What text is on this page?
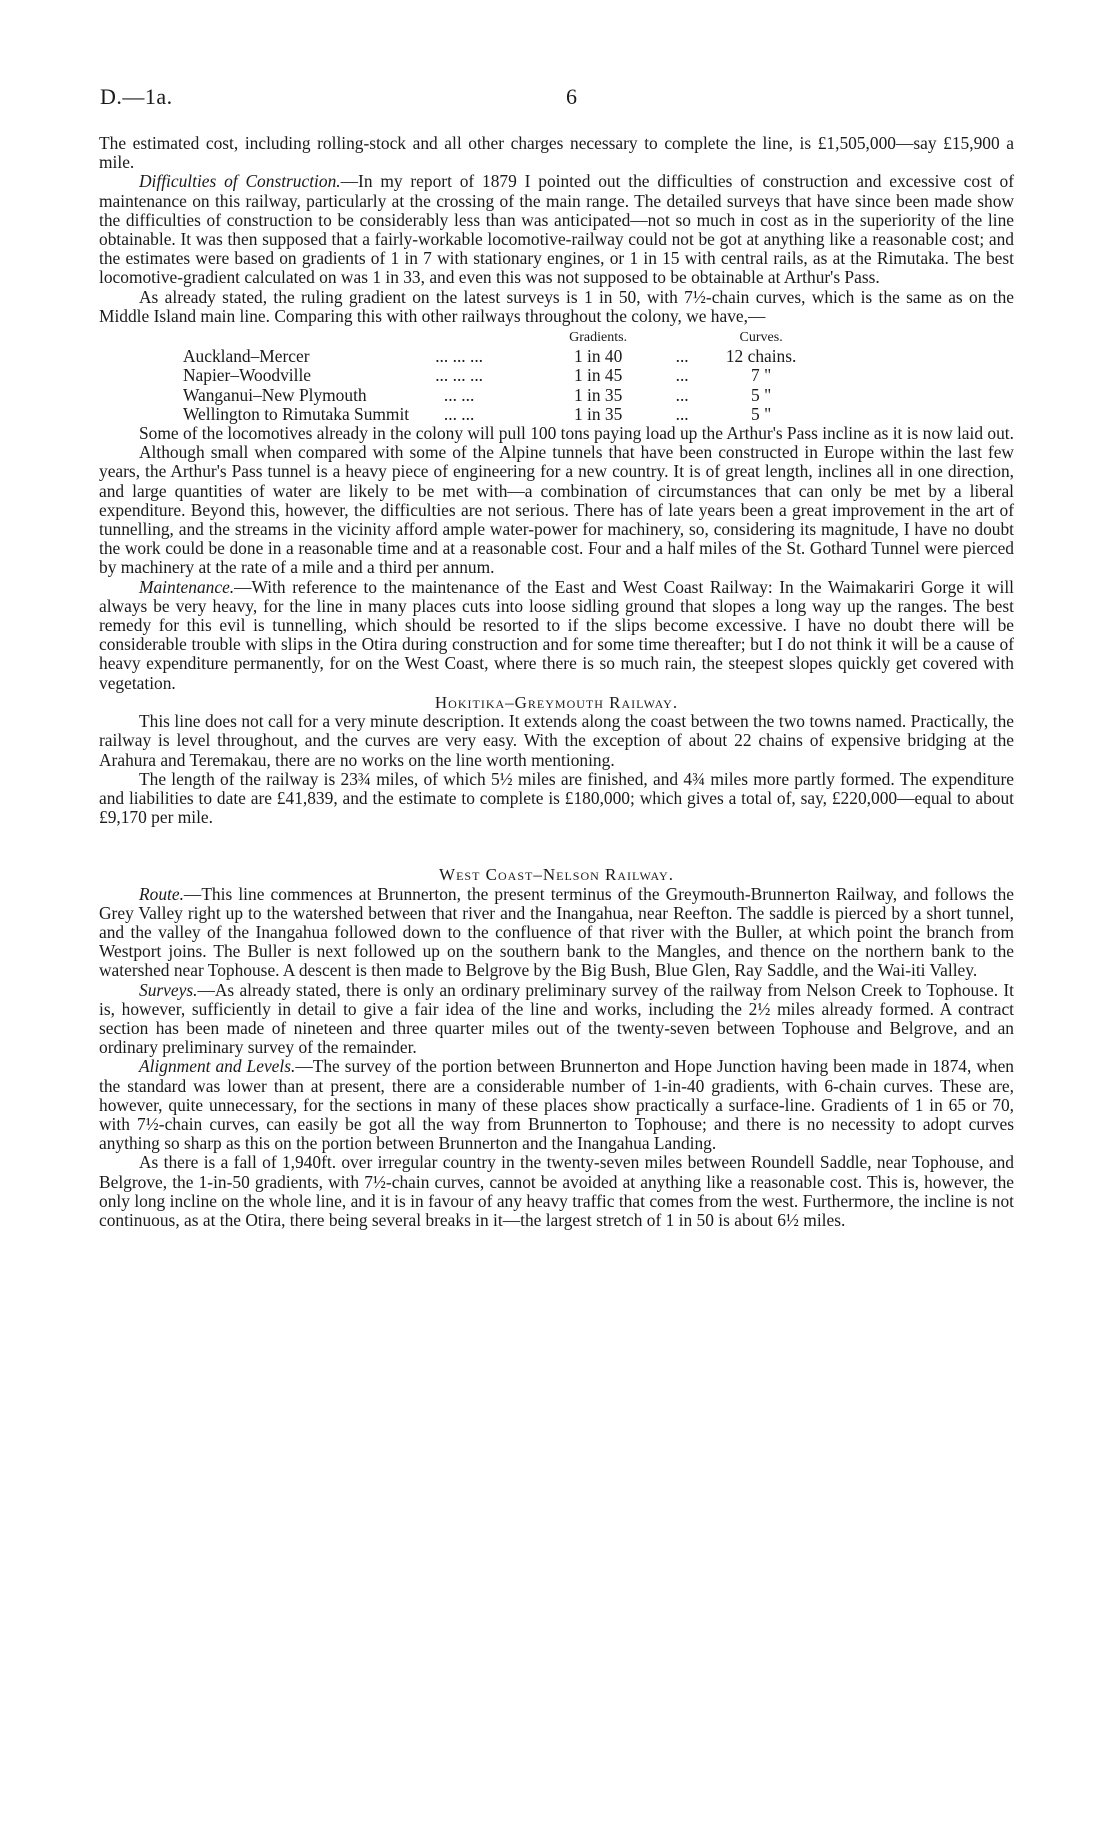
D.—1a.	6

The estimated cost, including rolling-stock and all other charges necessary to complete the line, is £1,505,000—say £15,900 a mile.

Difficulties of Construction.—In my report of 1879 I pointed out the difficulties of construction and excessive cost of maintenance on this railway, particularly at the crossing of the main range. The detailed surveys that have since been made show the difficulties of construction to be considerably less than was anticipated—not so much in cost as in the superiority of the line obtainable. It was then supposed that a fairly-workable locomotive-railway could not be got at anything like a reasonable cost; and the estimates were based on gradients of 1 in 7 with stationary engines, or 1 in 15 with central rails, as at the Rimutaka. The best locomotive-gradient calculated on was 1 in 33, and even this was not supposed to be obtainable at Arthur's Pass.

As already stated, the ruling gradient on the latest surveys is 1 in 50, with 7½-chain curves, which is the same as on the Middle Island main line. Comparing this with other railways throughout the colony, we have,—

			Gradients.		Curves.
Auckland–Mercer	... ... ...		1 in 40	...	12 chains.
Napier–Woodville	... ... ...		1 in 45	...	7 "
Wanganui–New Plymouth	... ...		1 in 35	...	5 "
Wellington to Rimutaka Summit	... ...		1 in 35	...	5 "

Some of the locomotives already in the colony will pull 100 tons paying load up the Arthur's Pass incline as it is now laid out.

Although small when compared with some of the Alpine tunnels that have been constructed in Europe within the last few years, the Arthur's Pass tunnel is a heavy piece of engineering for a new country. It is of great length, inclines all in one direction, and large quantities of water are likely to be met with—a combination of circumstances that can only be met by a liberal expenditure. Beyond this, however, the difficulties are not serious. There has of late years been a great improvement in the art of tunnelling, and the streams in the vicinity afford ample water-power for machinery, so, considering its magnitude, I have no doubt the work could be done in a reasonable time and at a reasonable cost. Four and a half miles of the St. Gothard Tunnel were pierced by machinery at the rate of a mile and a third per annum.

Maintenance.—With reference to the maintenance of the East and West Coast Railway: In the Waimakariri Gorge it will always be very heavy, for the line in many places cuts into loose sidling ground that slopes a long way up the ranges. The best remedy for this evil is tunnelling, which should be resorted to if the slips become excessive. I have no doubt there will be considerable trouble with slips in the Otira during construction and for some time thereafter; but I do not think it will be a cause of heavy expenditure permanently, for on the West Coast, where there is so much rain, the steepest slopes quickly get covered with vegetation.

Hokitika–Greymouth Railway.

This line does not call for a very minute description. It extends along the coast between the two towns named. Practically, the railway is level throughout, and the curves are very easy. With the exception of about 22 chains of expensive bridging at the Arahura and Teremakau, there are no works on the line worth mentioning.

The length of the railway is 23¾ miles, of which 5½ miles are finished, and 4¾ miles more partly formed. The expenditure and liabilities to date are £41,839, and the estimate to complete is £180,000; which gives a total of, say, £220,000—equal to about £9,170 per mile.

West Coast–Nelson Railway.

Route.—This line commences at Brunnerton, the present terminus of the Greymouth-Brunnerton Railway, and follows the Grey Valley right up to the watershed between that river and the Inangahua, near Reefton. The saddle is pierced by a short tunnel, and the valley of the Inangahua followed down to the confluence of that river with the Buller, at which point the branch from Westport joins. The Buller is next followed up on the southern bank to the Mangles, and thence on the northern bank to the watershed near Tophouse. A descent is then made to Belgrove by the Big Bush, Blue Glen, Ray Saddle, and the Wai-iti Valley.

Surveys.—As already stated, there is only an ordinary preliminary survey of the railway from Nelson Creek to Tophouse. It is, however, sufficiently in detail to give a fair idea of the line and works, including the 2½ miles already formed. A contract section has been made of nineteen and three quarter miles out of the twenty-seven between Tophouse and Belgrove, and an ordinary preliminary survey of the remainder.

Alignment and Levels.—The survey of the portion between Brunnerton and Hope Junction having been made in 1874, when the standard was lower than at present, there are a considerable number of 1-in-40 gradients, with 6-chain curves. These are, however, quite unnecessary, for the sections in many of these places show practically a surface-line. Gradients of 1 in 65 or 70, with 7½-chain curves, can easily be got all the way from Brunnerton to Tophouse; and there is no necessity to adopt curves anything so sharp as this on the portion between Brunnerton and the Inangahua Landing.

As there is a fall of 1,940ft. over irregular country in the twenty-seven miles between Roundell Saddle, near Tophouse, and Belgrove, the 1-in-50 gradients, with 7½-chain curves, cannot be avoided at anything like a reasonable cost. This is, however, the only long incline on the whole line, and it is in favour of any heavy traffic that comes from the west. Furthermore, the incline is not continuous, as at the Otira, there being several breaks in it—the largest stretch of 1 in 50 is about 6½ miles.
